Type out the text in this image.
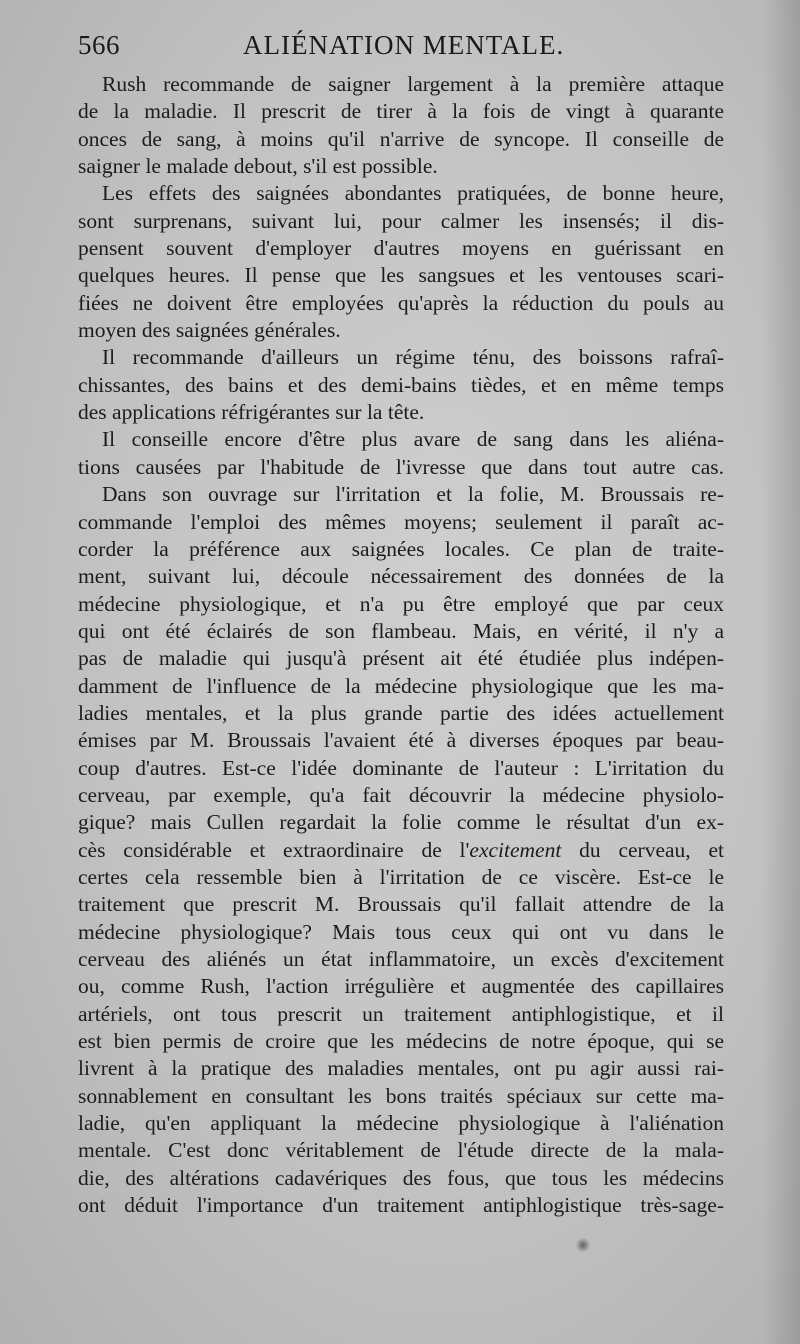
566	ALIÉNATION MENTALE.
Rush recommande de saigner largement à la première attaque
de la maladie. Il prescrit de tirer à la fois de vingt à quarante
onces de sang, à moins qu'il n'arrive de syncope. Il conseille de
saigner le malade debout, s'il est possible.
Les effets des saignées abondantes pratiquées, de bonne heure,
sont surprenans, suivant lui, pour calmer les insensés; il dis-
pensent souvent d'employer d'autres moyens en guérissant en
quelques heures. Il pense que les sangsues et les ventouses scari-
fiées ne doivent être employées qu'après la réduction du pouls au
moyen des saignées générales.
Il recommande d'ailleurs un régime ténu, des boissons rafraî-
chissantes, des bains et des demi-bains tièdes, et en même temps
des applications réfrigérantes sur la tête.
Il conseille encore d'être plus avare de sang dans les aliéna-
tions causées par l'habitude de l'ivresse que dans tout autre cas.
Dans son ouvrage sur l'irritation et la folie, M. Broussais re-
commande l'emploi des mêmes moyens; seulement il paraît ac-
corder la préférence aux saignées locales. Ce plan de traite-
ment, suivant lui, découle nécessairement des données de la
médecine physiologique, et n'a pu être employé que par ceux
qui ont été éclairés de son flambeau. Mais, en vérité, il n'y a
pas de maladie qui jusqu'à présent ait été étudiée plus indépen-
damment de l'influence de la médecine physiologique que les ma-
ladies mentales, et la plus grande partie des idées actuellement
émises par M. Broussais l'avaient été à diverses époques par beau-
coup d'autres. Est-ce l'idée dominante de l'auteur : L'irritation du
cerveau, par exemple, qu'a fait découvrir la médecine physiolo-
gique? mais Cullen regardait la folie comme le résultat d'un ex-
cès considérable et extraordinaire de l'excitement du cerveau, et
certes cela ressemble bien à l'irritation de ce viscère. Est-ce le
traitement que prescrit M. Broussais qu'il fallait attendre de la
médecine physiologique? Mais tous ceux qui ont vu dans le
cerveau des aliénés un état inflammatoire, un excès d'excitement
ou, comme Rush, l'action irrégulière et augmentée des capillaires
artériels, ont tous prescrit un traitement antiphlogistique, et il
est bien permis de croire que les médecins de notre époque, qui se
livrent à la pratique des maladies mentales, ont pu agir aussi rai-
sonnablement en consultant les bons traités spéciaux sur cette ma-
ladie, qu'en appliquant la médecine physiologique à l'aliénation
mentale. C'est donc véritablement de l'étude directe de la mala-
die, des altérations cadavériques des fous, que tous les médecins
ont déduit l'importance d'un traitement antiphlogistique très-sage-
